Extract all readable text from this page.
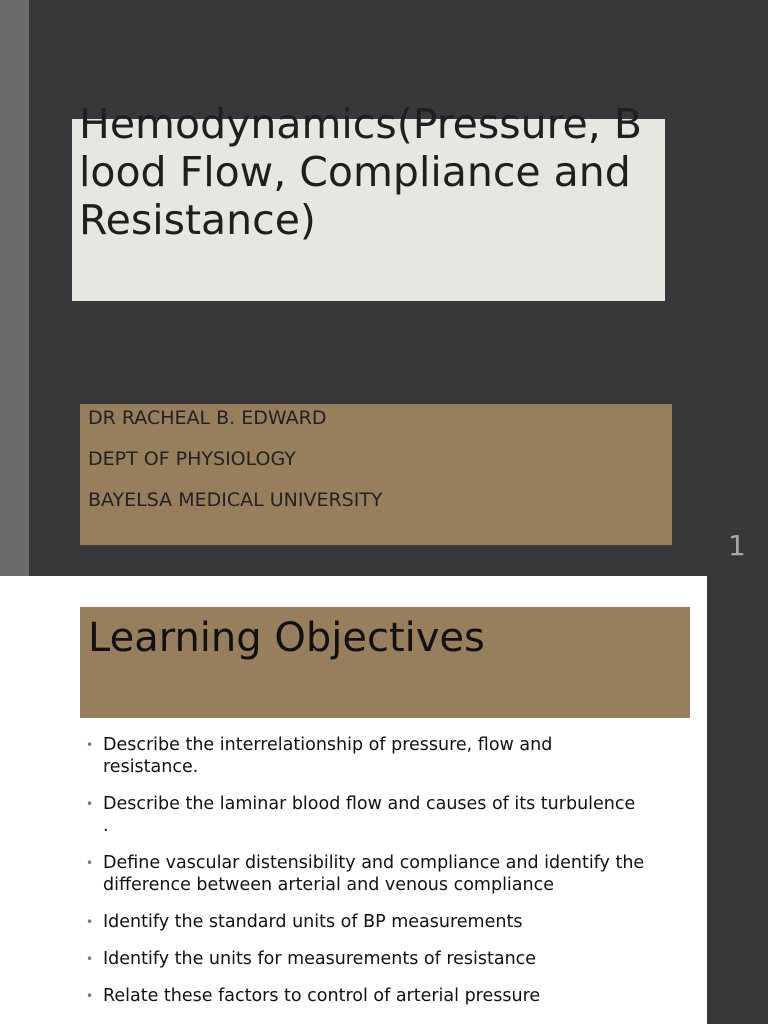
Hemodynamics(Pressure, Blood Flow, Compliance and Resistance)

DR RACHEAL B. EDWARD

DEPT OF PHYSIOLOGY

BAYELSA MEDICAL UNIVERSITY

1
Learning Objectives
• Describe the interrelationship of pressure, flow and resistance.
• Describe the laminar blood flow and causes of its turbulence .
• Define vascular distensibility and compliance and identify the difference between arterial and venous compliance
• Identify the standard units of BP measurements
• Identify the units for measurements of resistance
• Relate these factors to control of arterial pressure
